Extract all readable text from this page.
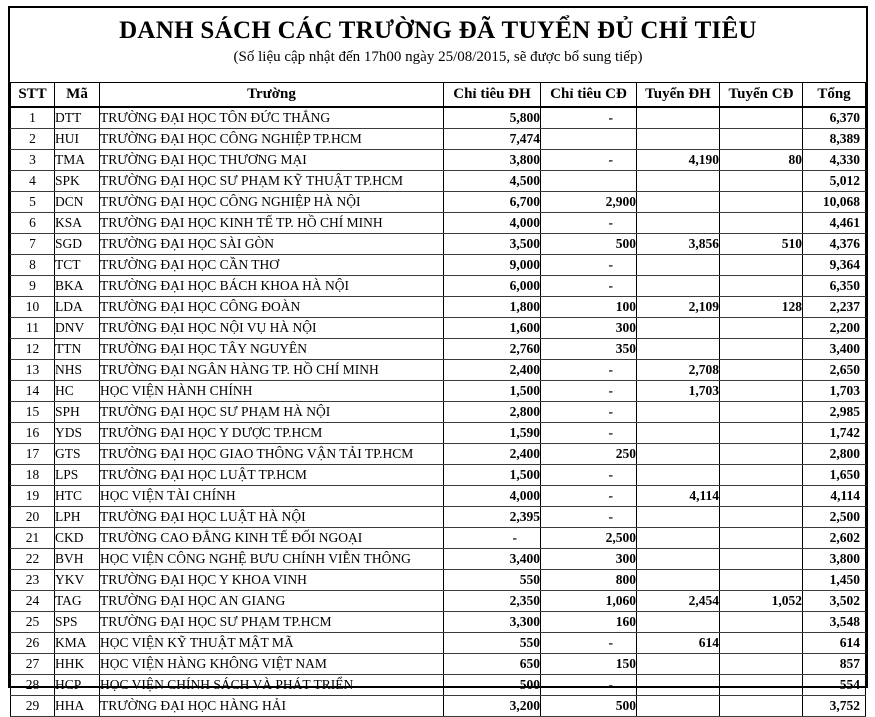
DANH SÁCH CÁC TRƯỜNG ĐÃ TUYỂN ĐỦ CHỈ TIÊU

(Số liệu cập nhật đến 17h00 ngày 25/08/2015, sẽ được bổ sung tiếp)

STT	Mã	Trường	Chỉ tiêu ĐH	Chỉ tiêu CĐ	Tuyển ĐH	Tuyển CĐ	Tổng
1	DTT	TRƯỜNG ĐẠI HỌC TÔN ĐỨC THẮNG	5,800	-			6,370
2	HUI	TRƯỜNG ĐẠI HỌC CÔNG NGHIỆP TP.HCM	7,474				8,389
3	TMA	TRƯỜNG ĐẠI HỌC THƯƠNG MẠI	3,800	-	4,190	80	4,330
4	SPK	TRƯỜNG ĐẠI HỌC SƯ PHẠM KỸ THUẬT TP.HCM	4,500				5,012
5	DCN	TRƯỜNG ĐẠI HỌC CÔNG NGHIỆP HÀ NỘI	6,700	2,900			10,068
6	KSA	TRƯỜNG ĐẠI HỌC KINH TẾ TP. HỒ CHÍ MINH	4,000	-			4,461
7	SGD	TRƯỜNG ĐẠI HỌC SÀI GÒN	3,500	500	3,856	510	4,376
8	TCT	TRƯỜNG ĐẠI HỌC CẦN THƠ	9,000	-			9,364
9	BKA	TRƯỜNG ĐẠI HỌC BÁCH KHOA HÀ NỘI	6,000	-			6,350
10	LDA	TRƯỜNG ĐẠI HỌC CÔNG ĐOÀN	1,800	100	2,109	128	2,237
11	DNV	TRƯỜNG ĐẠI HỌC NỘI VỤ HÀ NỘI	1,600	300			2,200
12	TTN	TRƯỜNG ĐẠI HỌC TÂY NGUYÊN	2,760	350			3,400
13	NHS	TRƯỜNG ĐẠI NGÂN HÀNG TP. HỒ CHÍ MINH	2,400	-	2,708		2,650
14	HC	HỌC VIỆN HÀNH CHÍNH	1,500	-	1,703		1,703
15	SPH	TRƯỜNG ĐẠI HỌC SƯ PHẠM HÀ NỘI	2,800	-			2,985
16	YDS	TRƯỜNG ĐẠI HỌC Y DƯỢC TP.HCM	1,590	-			1,742
17	GTS	TRƯỜNG ĐẠI HỌC GIAO THÔNG VẬN TẢI TP.HCM	2,400	250			2,800
18	LPS	TRƯỜNG ĐẠI HỌC LUẬT TP.HCM	1,500	-			1,650
19	HTC	HỌC VIỆN TÀI CHÍNH	4,000	-	4,114		4,114
20	LPH	TRƯỜNG ĐẠI HỌC LUẬT HÀ NỘI	2,395	-			2,500
21	CKD	TRƯỜNG CAO ĐẲNG KINH TẾ ĐỐI NGOẠI	-	2,500			2,602
22	BVH	HỌC VIỆN CÔNG NGHỆ BƯU CHÍNH VIỄN THÔNG	3,400	300			3,800
23	YKV	TRƯỜNG ĐẠI HỌC Y KHOA VINH	550	800			1,450
24	TAG	TRƯỜNG ĐẠI HỌC AN GIANG	2,350	1,060	2,454	1,052	3,502
25	SPS	TRƯỜNG ĐẠI HỌC SƯ PHẠM TP.HCM	3,300	160			3,548
26	KMA	HỌC VIỆN KỸ THUẬT MẬT MÃ	550	-	614		614
27	HHK	HỌC VIỆN HÀNG KHÔNG VIỆT NAM	650	150			857
28	HCP	HỌC VIỆN CHÍNH SÁCH VÀ PHÁT TRIỂN	500	-			554
29	HHA	TRƯỜNG ĐẠI HỌC HÀNG HẢI	3,200	500			3,752
